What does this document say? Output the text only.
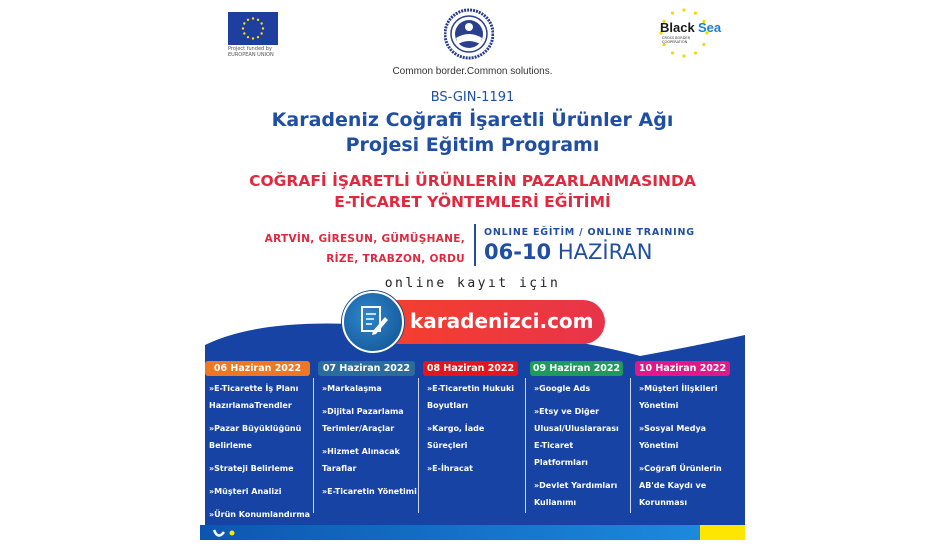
Project funded by
EUROPEAN UNION
Black Sea
CROSS BORDER COOPERATION
Common border.Common solutions.
BS-GIN-1191
Karadeniz Coğrafi İşaretli Ürünler Ağı
Projesi Eğitim Programı
COĞRAFİ İŞARETLİ ÜRÜNLERİN PAZARLANMASINDA
E-TİCARET YÖNTEMLERİ EĞİTİMİ
ARTVİN, GİRESUN, GÜMÜŞHANE,
RİZE, TRABZON, ORDU
ONLINE EĞİTİM / ONLINE TRAINING
06-10 HAZİRAN
online kayıt için
karadenizci.com
06 Haziran 2022
»E-Ticarette İş Planı HazırlamaTrendler
»Pazar Büyüklüğünü Belirleme
»Strateji Belirleme
»Müşteri Analizi
»Ürün Konumlandırma
07 Haziran 2022
»Markalaşma
»Dijital Pazarlama Terimler/Araçlar
»Hizmet Alınacak Taraflar
»E-Ticaretin Yönetimi
08 Haziran 2022
»E-Ticaretin Hukuki Boyutları
»Kargo, İade Süreçleri
»E-İhracat
09 Haziran 2022
»Google Ads
»Etsy ve Diğer Ulusal/Uluslararası E-Ticaret Platformları
»Devlet Yardımları Kullanımı
10 Haziran 2022
»Müşteri İlişkileri Yönetimi
»Sosyal Medya Yönetimi
»Coğrafi Ürünlerin AB'de Kaydı ve Korunması
